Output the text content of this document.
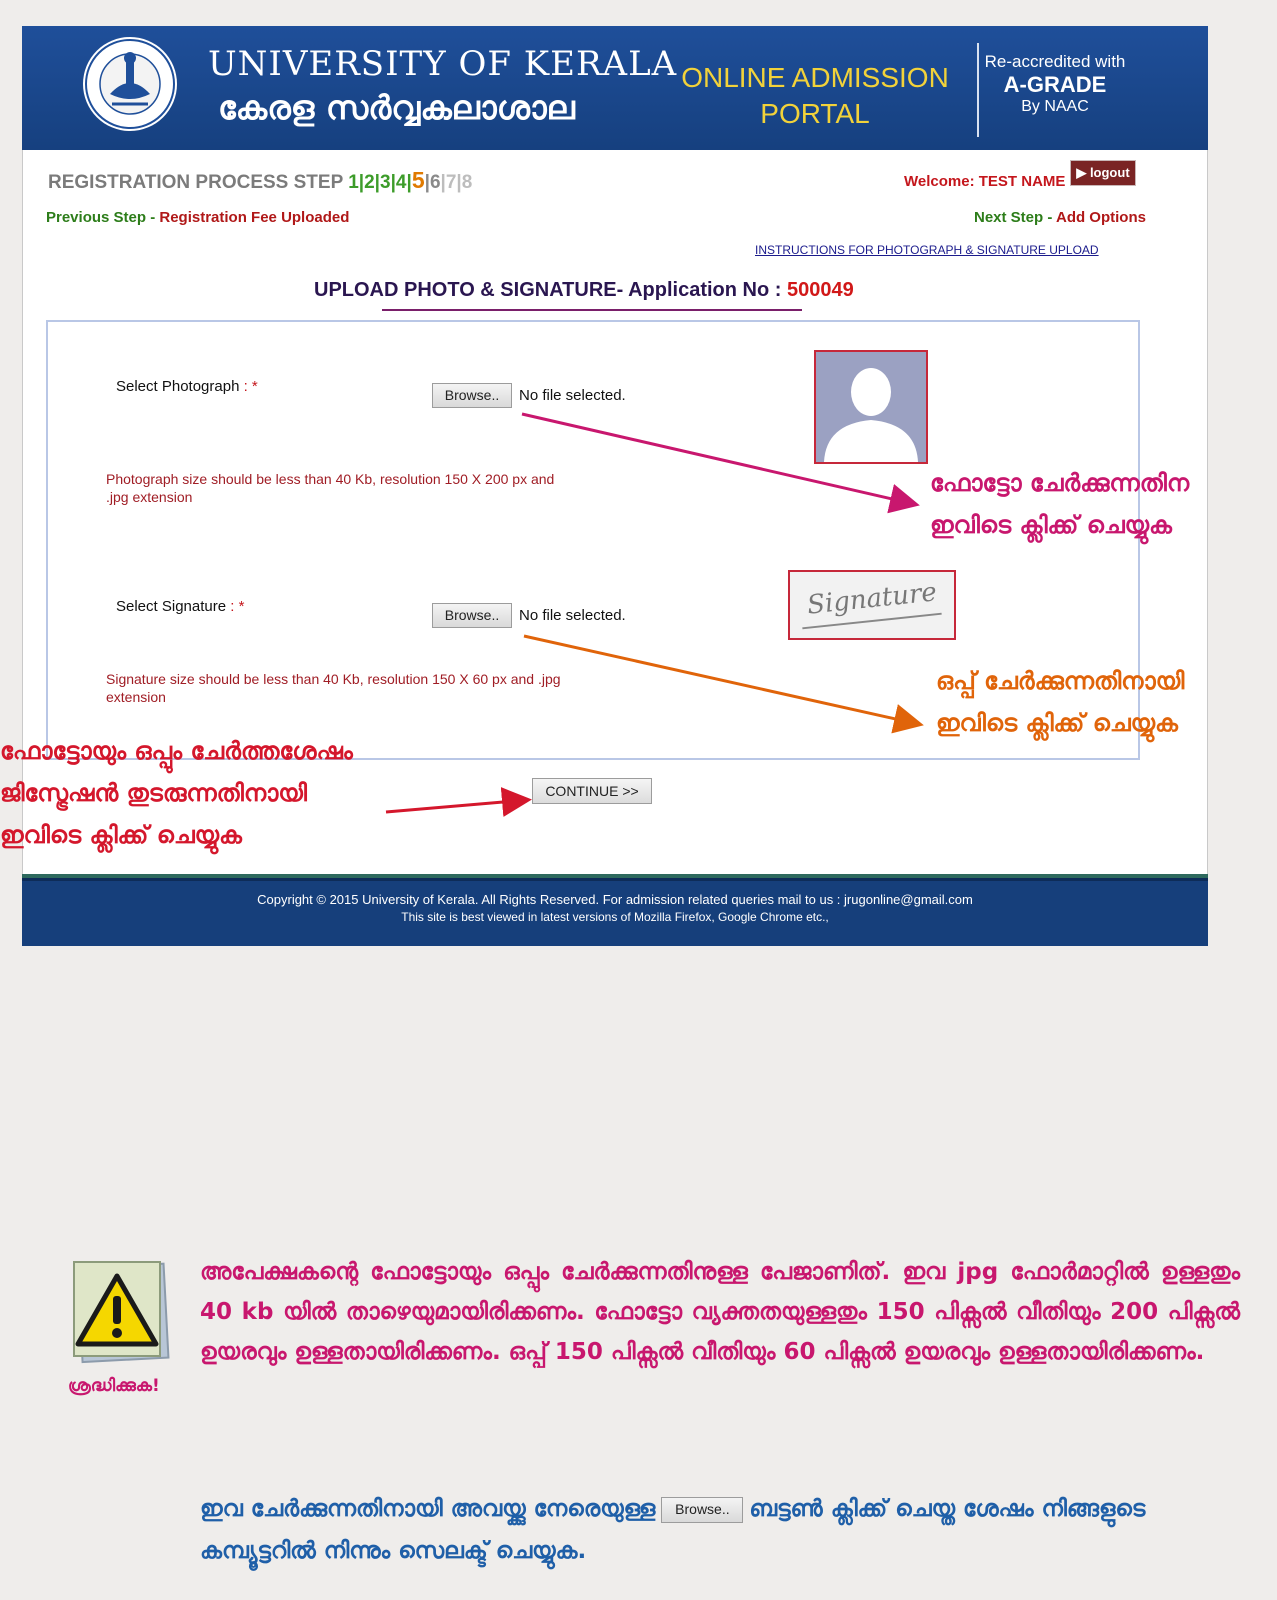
UNIVERSITY OF KERALA
കേരള സർവ്വകലാശാല
ONLINE ADMISSION
PORTAL
Re-accredited with
A-GRADE
By NAAC
REGISTRATION PROCESS STEP 1|2|3|4|5|6|7|8	Welcome: TEST NAME
▶ logout
Previous Step - Registration Fee Uploaded	Next Step - Add Options
INSTRUCTIONS FOR PHOTOGRAPH & SIGNATURE UPLOAD
UPLOAD PHOTO & SIGNATURE- Application No : 500049
Select Photograph : *	Browse..	No file selected.
Photograph size should be less than 40 Kb, resolution 150 X 200 px and
.jpg extension
Select Signature : *	Browse..	No file selected.
Signature size should be less than 40 Kb, resolution 150 X 60 px and .jpg
extension
Signature
CONTINUE >>
ഫോട്ടോ ചേർക്കുന്നതിന
ഇവിടെ ക്ലിക്ക് ചെയ്യുക
ഒപ്പ് ചേർക്കുന്നതിനായി
ഇവിടെ ക്ലിക്ക് ചെയ്യുക
ഫോട്ടോയും ഒപ്പും ചേർത്തശേഷം
ജിസ്ട്രേഷൻ തുടരുന്നതിനായി
ഇവിടെ ക്ലിക്ക് ചെയ്യുക
Copyright © 2015 University of Kerala. All Rights Reserved. For admission related queries mail to us : jrugonline@gmail.com
This site is best viewed in latest versions of Mozilla Firefox, Google Chrome etc.,
ശ്രദ്ധിക്കുക!
അപേക്ഷകന്റെ ഫോട്ടോയും ഒപ്പും ചേർക്കുന്നതിനുള്ള പേജാണിത്. ഇവ jpg ഫോർമാറ്റിൽ ഉള്ളതും 40 kb യിൽ താഴെയുമായിരിക്കണം. ഫോട്ടോ വ്യക്തതയുള്ളതും 150 പിക്സൽ വീതിയും 200 പിക്സൽ ഉയരവും ഉള്ളതായിരിക്കണം. ഒപ്പ് 150 പിക്സൽ വീതിയും 60 പിക്സൽ ഉയരവും ഉള്ളതായിരിക്കണം.
ഇവ ചേർക്കുന്നതിനായി അവയ്ക്കു നേരെയുള്ള Browse.. ബട്ടൺ ക്ലിക്ക് ചെയ്ത ശേഷം നിങ്ങളുടെ കമ്പ്യൂട്ടറിൽ നിന്നും സെലക്ട് ചെയ്യുക.
